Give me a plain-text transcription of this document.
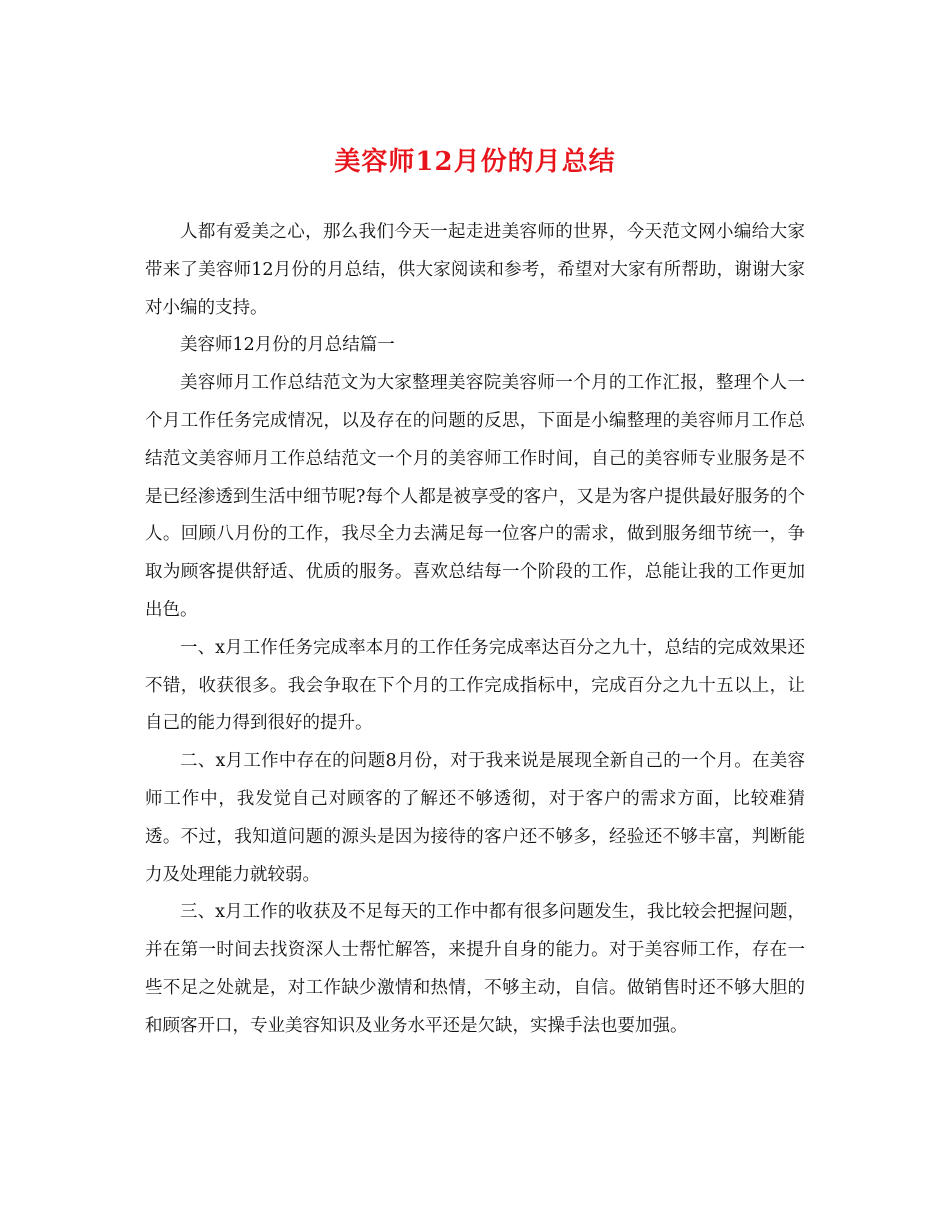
美容师12月份的月总结

人都有爱美之心，那么我们今天一起走进美容师的世界，今天范文网小编给大家带来了美容师12月份的月总结，供大家阅读和参考，希望对大家有所帮助，谢谢大家对小编的支持。

美容师12月份的月总结篇一

美容师月工作总结范文为大家整理美容院美容师一个月的工作汇报，整理个人一个月工作任务完成情况，以及存在的问题的反思，下面是小编整理的美容师月工作总结范文美容师月工作总结范文一个月的美容师工作时间，自己的美容师专业服务是不是已经渗透到生活中细节呢?每个人都是被享受的客户，又是为客户提供最好服务的个人。回顾八月份的工作，我尽全力去满足每一位客户的需求，做到服务细节统一，争取为顾客提供舒适、优质的服务。喜欢总结每一个阶段的工作，总能让我的工作更加出色。

一、x月工作任务完成率本月的工作任务完成率达百分之九十，总结的完成效果还不错，收获很多。我会争取在下个月的工作完成指标中，完成百分之九十五以上，让自己的能力得到很好的提升。

二、x月工作中存在的问题8月份，对于我来说是展现全新自己的一个月。在美容师工作中，我发觉自己对顾客的了解还不够透彻，对于客户的需求方面，比较难猜透。不过，我知道问题的源头是因为接待的客户还不够多，经验还不够丰富，判断能力及处理能力就较弱。

三、x月工作的收获及不足每天的工作中都有很多问题发生，我比较会把握问题，并在第一时间去找资深人士帮忙解答，来提升自身的能力。对于美容师工作，存在一些不足之处就是，对工作缺少激情和热情，不够主动，自信。做销售时还不够大胆的和顾客开口，专业美容知识及业务水平还是欠缺，实操手法也要加强。
